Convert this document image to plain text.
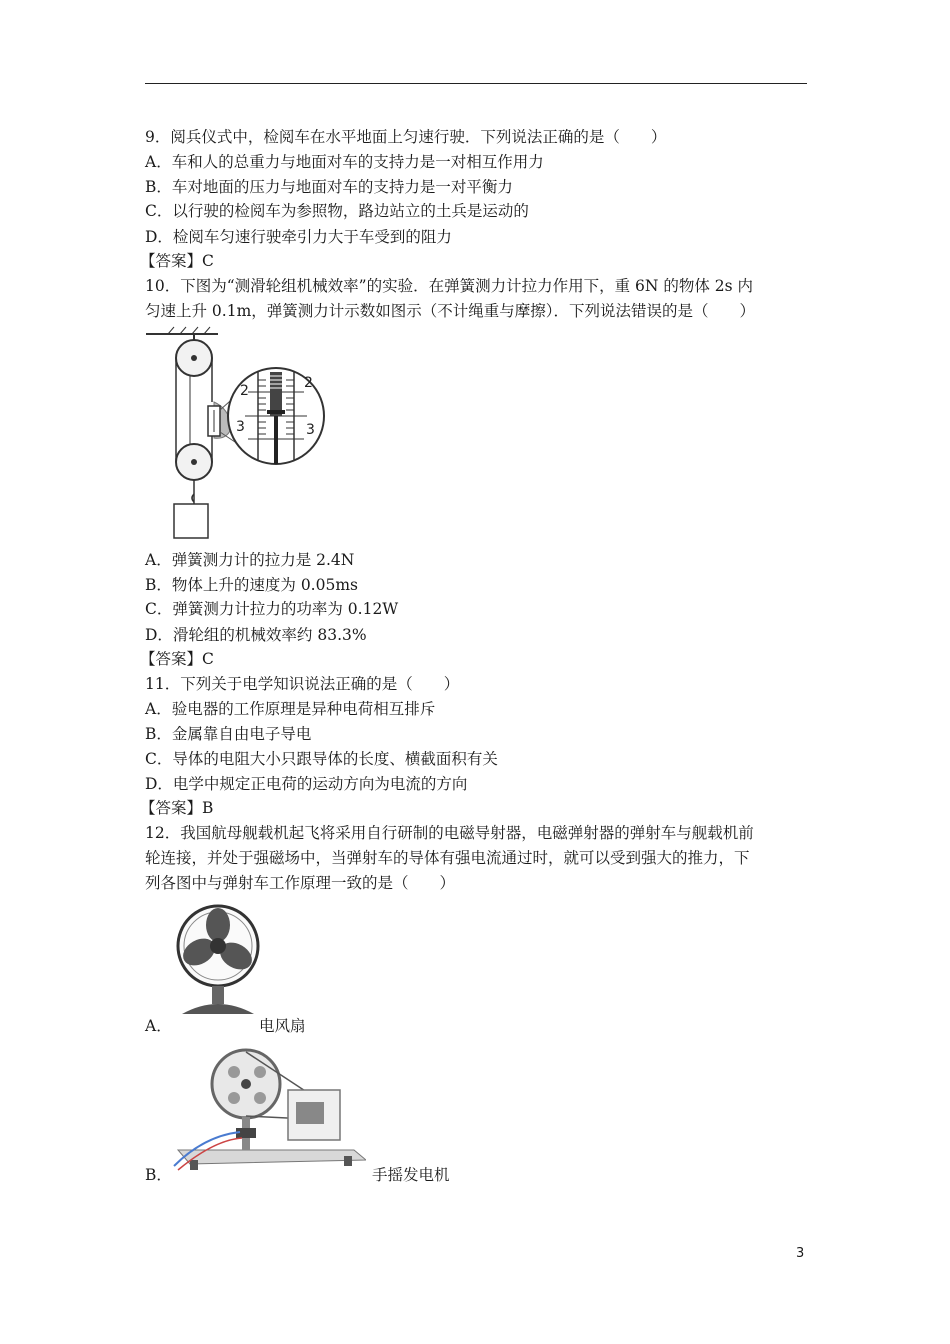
9．阅兵仪式中，检阅车在水平地面上匀速行驶．下列说法正确的是（　　）
A．车和人的总重力与地面对车的支持力是一对相互作用力
B．车对地面的压力与地面对车的支持力是一对平衡力
C．以行驶的检阅车为参照物，路边站立的土兵是运动的
D．检阅车匀速行驶牵引力大于车受到的阻力
【答案】C
10．下图为“测滑轮组机械效率”的实验．在弹簧测力计拉力作用下，重 6N 的物体 2s 内
匀速上升 0.1m，弹簧测力计示数如图示（不计绳重与摩擦）．下列说法错误的是（　　）
2	2
3	3
A．弹簧测力计的拉力是 2.4N
B．物体上升的速度为 0.05ms
C．弹簧测力计拉力的功率为 0.12W
D．滑轮组的机械效率约 83.3%
【答案】C
11．下列关于电学知识说法正确的是（　　）
A．验电器的工作原理是异种电荷相互排斥
B．金属靠自由电子导电
C．导体的电阻大小只跟导体的长度、横截面积有关
D．电学中规定正电荷的运动方向为电流的方向
【答案】B
12．我国航母舰载机起飞将采用自行研制的电磁导射器，电磁弹射器的弹射车与舰载机前
轮连接，并处于强磁场中，当弹射车的导体有强电流通过时，就可以受到强大的推力，下
列各图中与弹射车工作原理一致的是（　　）
A．	电风扇
B．	手摇发电机
3
